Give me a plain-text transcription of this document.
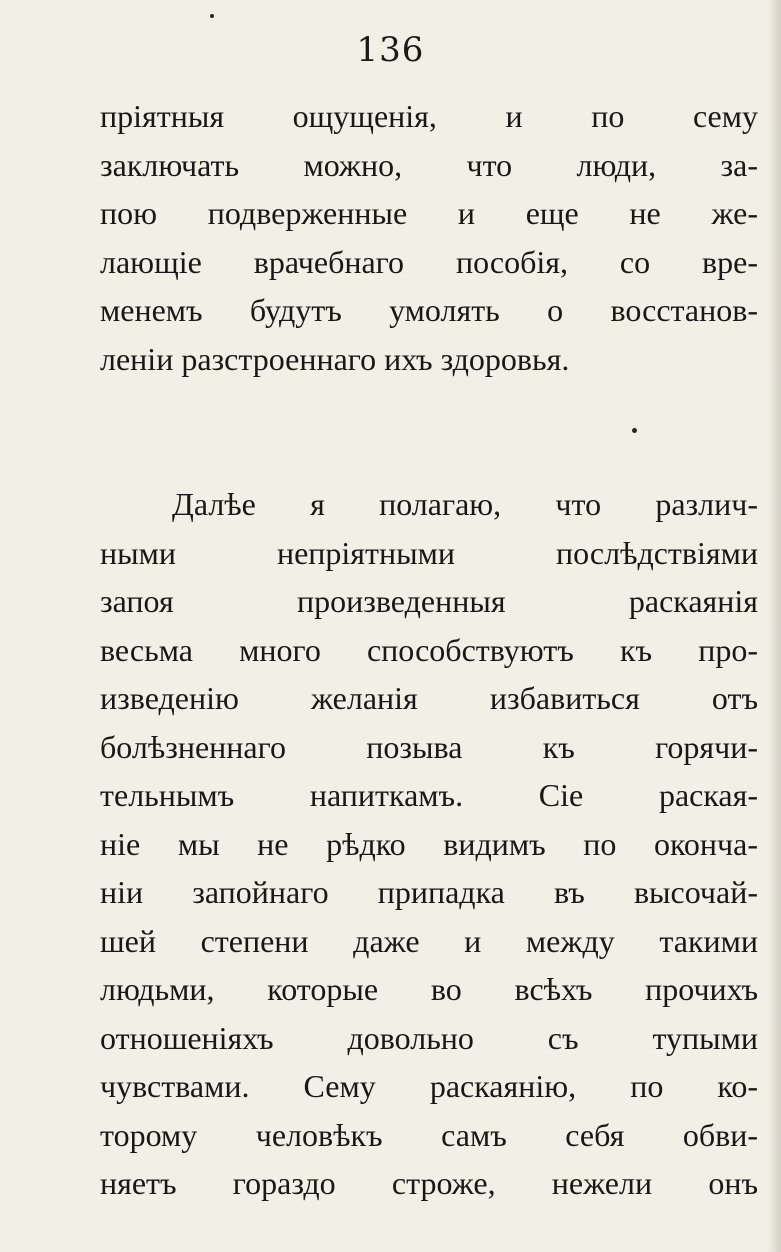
136
пріятныя ощущенія, и по сему
заключать можно, что люди, за-
пою подверженные и еще не же-
лающіе врачебнаго пособія, со вре-
менемъ будутъ умолять о восстанов-
леніи разстроеннаго ихъ здоровья.
Далѣе я полагаю, что различ-
ными непріятными послѣдствіями
запоя произведенныя раскаянія
весьма много способствуютъ къ про-
изведенію желанія избавиться отъ
болѣзненнаго позыва къ горячи-
тельнымъ напиткамъ. Сіе раская-
ніе мы не рѣдко видимъ по оконча-
ніи запойнаго припадка въ высочай-
шей степени даже и между такими
людьми, которые во всѣхъ прочихъ
отношеніяхъ довольно съ тупыми
чувствами. Сему раскаянію, по ко-
торому человѣкъ самъ себя обви-
няетъ гораздо строже, нежели онъ
